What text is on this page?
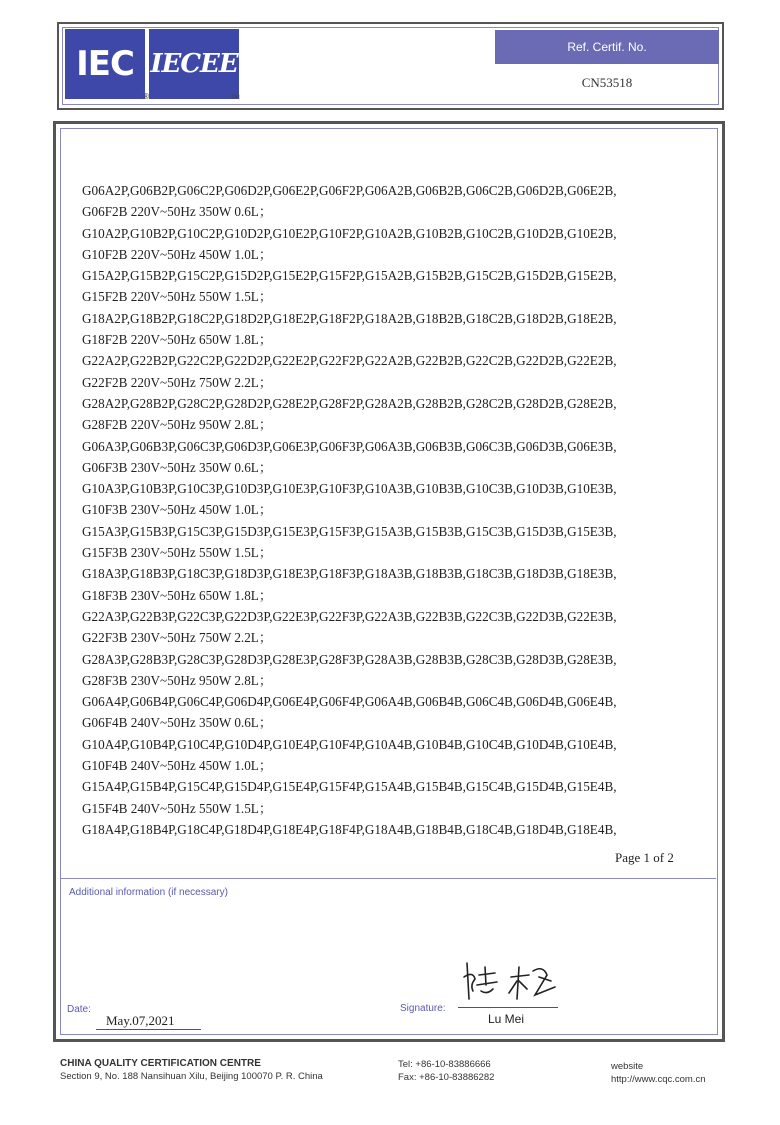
IEC IECEE
®	TM
Ref. Certif. No.
CN53518
G06A2P,G06B2P,G06C2P,G06D2P,G06E2P,G06F2P,G06A2B,G06B2B,G06C2B,G06D2B,G06E2B,
G06F2B 220V~50Hz 350W 0.6L；
G10A2P,G10B2P,G10C2P,G10D2P,G10E2P,G10F2P,G10A2B,G10B2B,G10C2B,G10D2B,G10E2B,
G10F2B 220V~50Hz 450W 1.0L；
G15A2P,G15B2P,G15C2P,G15D2P,G15E2P,G15F2P,G15A2B,G15B2B,G15C2B,G15D2B,G15E2B,
G15F2B 220V~50Hz 550W 1.5L；
G18A2P,G18B2P,G18C2P,G18D2P,G18E2P,G18F2P,G18A2B,G18B2B,G18C2B,G18D2B,G18E2B,
G18F2B 220V~50Hz 650W 1.8L；
G22A2P,G22B2P,G22C2P,G22D2P,G22E2P,G22F2P,G22A2B,G22B2B,G22C2B,G22D2B,G22E2B,
G22F2B 220V~50Hz 750W 2.2L；
G28A2P,G28B2P,G28C2P,G28D2P,G28E2P,G28F2P,G28A2B,G28B2B,G28C2B,G28D2B,G28E2B,
G28F2B 220V~50Hz 950W 2.8L；
G06A3P,G06B3P,G06C3P,G06D3P,G06E3P,G06F3P,G06A3B,G06B3B,G06C3B,G06D3B,G06E3B,
G06F3B 230V~50Hz 350W 0.6L；
G10A3P,G10B3P,G10C3P,G10D3P,G10E3P,G10F3P,G10A3B,G10B3B,G10C3B,G10D3B,G10E3B,
G10F3B 230V~50Hz 450W 1.0L；
G15A3P,G15B3P,G15C3P,G15D3P,G15E3P,G15F3P,G15A3B,G15B3B,G15C3B,G15D3B,G15E3B,
G15F3B 230V~50Hz 550W 1.5L；
G18A3P,G18B3P,G18C3P,G18D3P,G18E3P,G18F3P,G18A3B,G18B3B,G18C3B,G18D3B,G18E3B,
G18F3B 230V~50Hz 650W 1.8L；
G22A3P,G22B3P,G22C3P,G22D3P,G22E3P,G22F3P,G22A3B,G22B3B,G22C3B,G22D3B,G22E3B,
G22F3B 230V~50Hz 750W 2.2L；
G28A3P,G28B3P,G28C3P,G28D3P,G28E3P,G28F3P,G28A3B,G28B3B,G28C3B,G28D3B,G28E3B,
G28F3B 230V~50Hz 950W 2.8L；
G06A4P,G06B4P,G06C4P,G06D4P,G06E4P,G06F4P,G06A4B,G06B4B,G06C4B,G06D4B,G06E4B,
G06F4B 240V~50Hz 350W 0.6L；
G10A4P,G10B4P,G10C4P,G10D4P,G10E4P,G10F4P,G10A4B,G10B4B,G10C4B,G10D4B,G10E4B,
G10F4B 240V~50Hz 450W 1.0L；
G15A4P,G15B4P,G15C4P,G15D4P,G15E4P,G15F4P,G15A4B,G15B4B,G15C4B,G15D4B,G15E4B,
G15F4B 240V~50Hz 550W 1.5L；
G18A4P,G18B4P,G18C4P,G18D4P,G18E4P,G18F4P,G18A4B,G18B4B,G18C4B,G18D4B,G18E4B,
Page 1 of 2
Additional information (if necessary)
Date:
May.07,2021
Signature:
Lu Mei
CHINA QUALITY CERTIFICATION CENTRE
Section 9, No. 188 Nansihuan Xilu, Beijing 100070 P. R. China
Tel: +86-10-83886666
Fax: +86-10-83886282
website
http://www.cqc.com.cn
